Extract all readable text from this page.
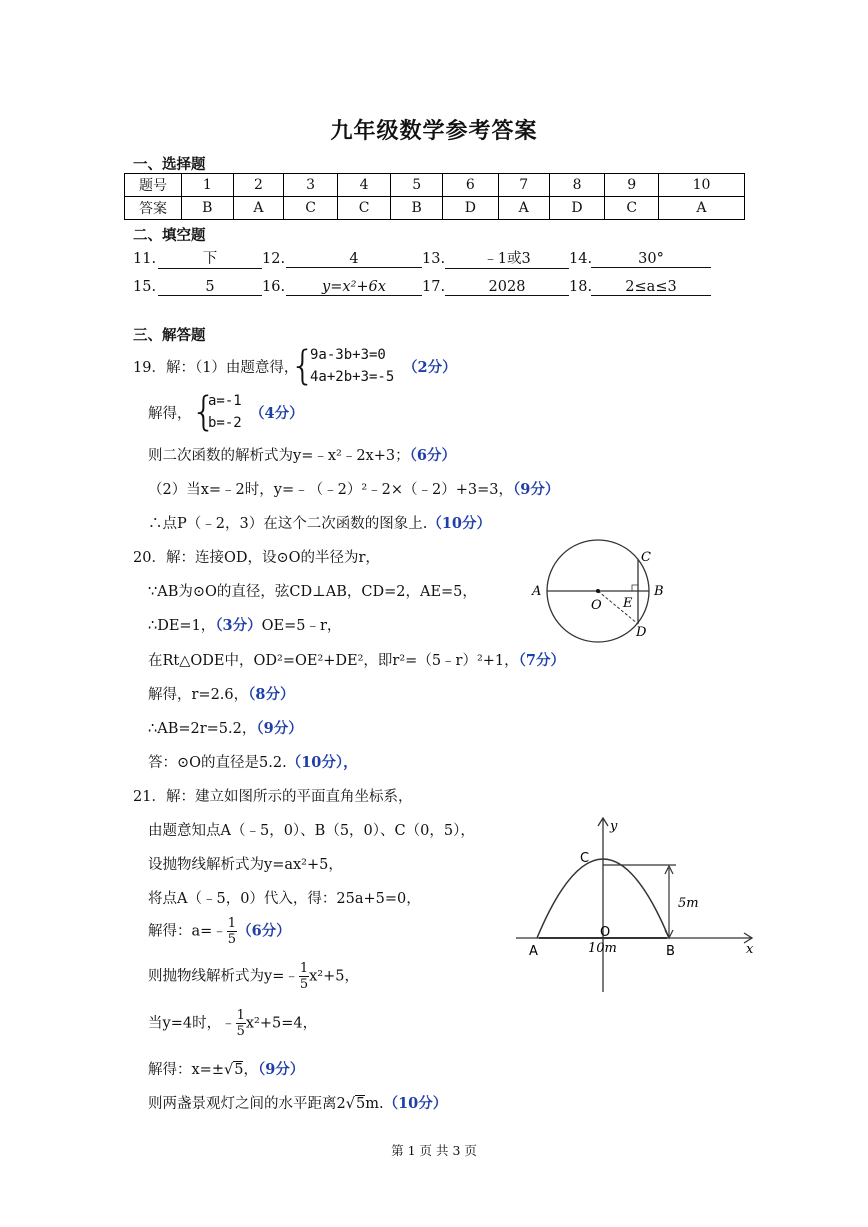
九年级数学参考答案
一、选择题
题号	1	2	3	4	5	6	7	8	9	10
答案	B	A	C	C	B	D	A	D	C	A
二、填空题
11.	下	12.	4	13.	﹣1或3	14.	30°
15.	5	16.	y=x²+6x 17.	2028	18. 2≤a≤3
三、解答题
19．解：（1）由题意得，
{
9a-3b+3=0
4a+2b+3=-5
（2分）
解得， {
a=-1
b=-2
（4分）
则二次函数的解析式为y=﹣x²﹣2x+3；（6分）
（2）当x=﹣2时，y=﹣（﹣2）²﹣2×（﹣2）+3=3，（9分）
∴点P（﹣2，3）在这个二次函数的图象上.（10分）
20．解：连接OD，设⊙O的半径为r，
∵AB为⊙O的直径，弦CD⊥AB，CD=2，AE=5，
∴DE=1，（3分）OE=5﹣r，
在Rt△ODE中，OD²=OE²+DE²，即r²=（5﹣r）²+1，（7分）
解得，r=2.6，（8分）
∴AB=2r=5.2，（9分）
答：⊙O的直径是5.2.（10分），
A	B
C
D
E
O
21．解：建立如图所示的平面直角坐标系，
由题意知点A（﹣5，0）、B（5，0）、C（0，5），
设抛物线解析式为y=ax²+5，
将点A（﹣5，0）代入，得：25a+5=0，
解得：a=﹣ $\frac{1}{5} (6$分）
则抛物线解析式为y=﹣ $\frac{1}{5} x^2+5$，
当y=4时，﹣ $\frac{1}{5} x^2+5=4$，
解得：x=±√5，（9分）
则两盏景观灯之间的水平距离2√5m.（10分）
y
x
C
O
A	B
5m
10m
第 1 页 共 3 页
